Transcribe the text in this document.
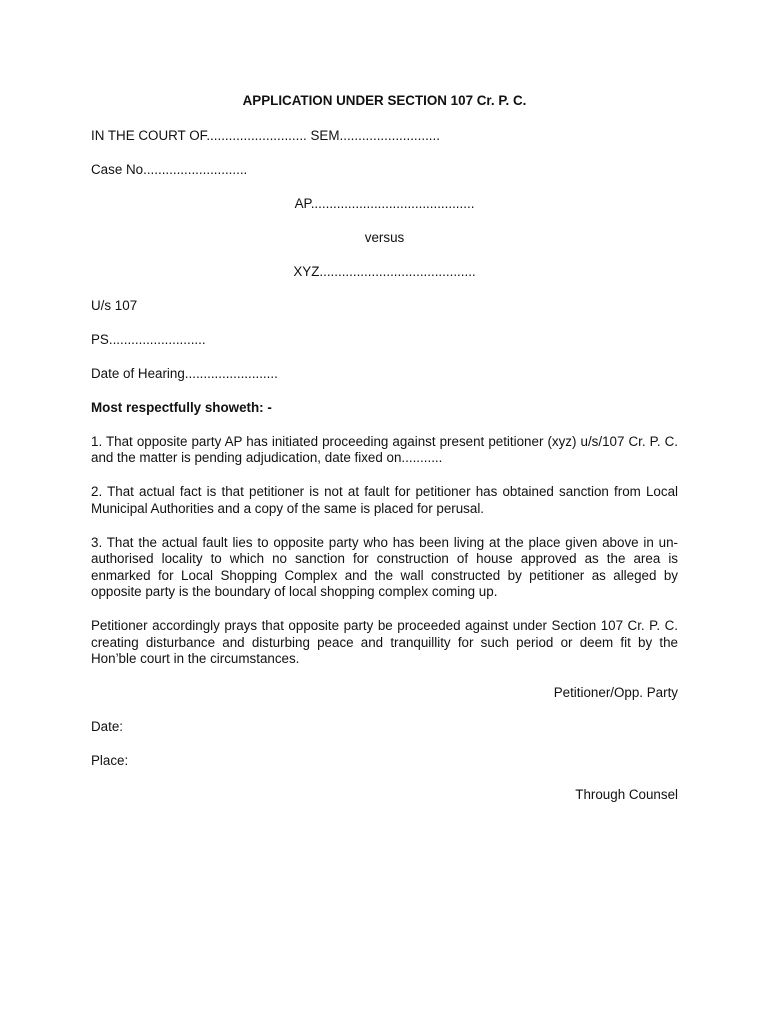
APPLICATION UNDER SECTION 107 Cr. P. C.
IN THE COURT OF........................... SEM...........................
Case No............................
AP............................................
versus
XYZ..........................................
U/s 107
PS..........................
Date of Hearing.........................
Most respectfully showeth: -
1. That opposite party AP has initiated proceeding against present petitioner (xyz) u/s/107 Cr. P. C. and the matter is pending adjudication, date fixed on...........
2. That actual fact is that petitioner is not at fault for petitioner has obtained sanction from Local Municipal Authorities and a copy of the same is placed for perusal.
3. That the actual fault lies to opposite party who has been living at the place given above in un-authorised locality to which no sanction for construction of house approved as the area is enmarked for Local Shopping Complex and the wall constructed by petitioner as alleged by opposite party is the boundary of local shopping complex coming up.
Petitioner accordingly prays that opposite party be proceeded against under Section 107 Cr. P. C. creating disturbance and disturbing peace and tranquillity for such period or deem fit by the Hon’ble court in the circumstances.
Petitioner/Opp. Party
Date:
Place:
Through Counsel
